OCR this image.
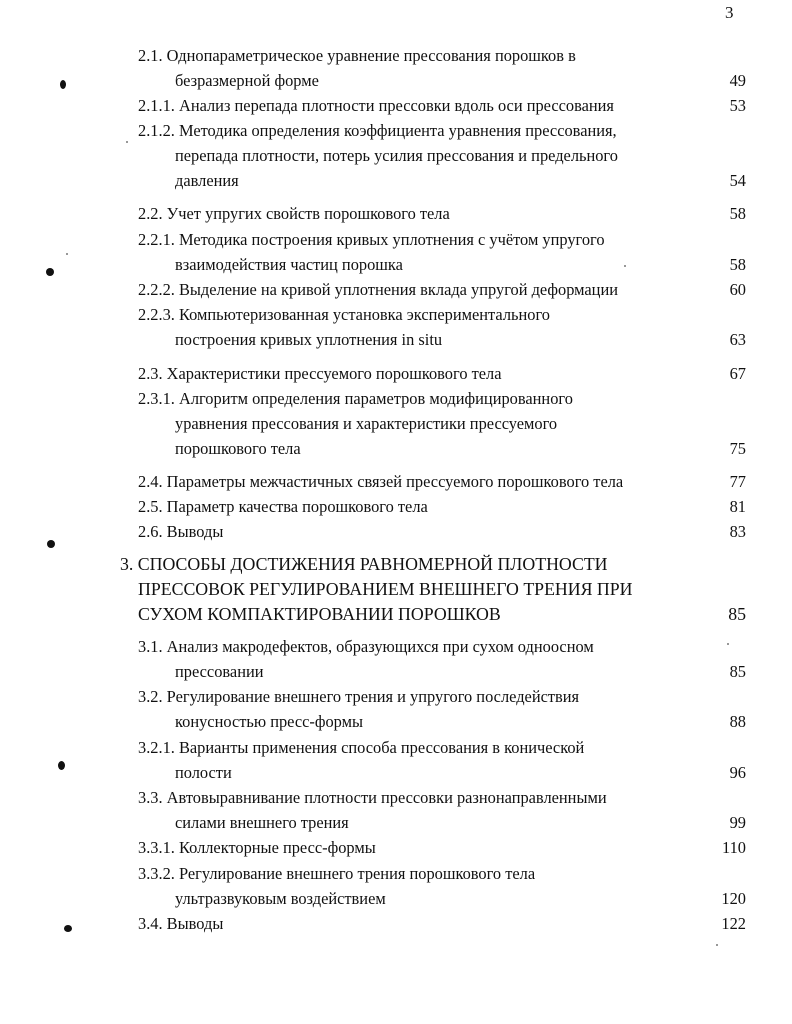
3
2.1. Однопараметрическое уравнение прессования порошков в
безразмерной форме	49
2.1.1. Анализ перепада плотности прессовки вдоль оси прессования	53
2.1.2. Методика определения коэффициента уравнения прессования,
перепада плотности, потерь усилия прессования и предельного
давления	54
2.2. Учет упругих свойств порошкового тела	58
2.2.1. Методика построения кривых уплотнения с учётом упругого
взаимодействия частиц порошка	58
2.2.2. Выделение на кривой уплотнения вклада упругой деформации	60
2.2.3. Компьютеризованная установка экспериментального
построения кривых уплотнения in situ	63
2.3. Характеристики прессуемого порошкового тела	67
2.3.1. Алгоритм определения параметров модифицированного
уравнения прессования и характеристики прессуемого
порошкового тела	75
2.4. Параметры межчастичных связей прессуемого порошкового тела	77
2.5. Параметр качества порошкового тела	81
2.6. Выводы	83
3. СПОСОБЫ ДОСТИЖЕНИЯ РАВНОМЕРНОЙ ПЛОТНОСТИ
ПРЕССОВОК РЕГУЛИРОВАНИЕМ ВНЕШНЕГО ТРЕНИЯ ПРИ
СУХОМ КОМПАКТИРОВАНИИ ПОРОШКОВ	85
3.1. Анализ макродефектов, образующихся при сухом одноосном
прессовании	85
3.2. Регулирование внешнего трения и упругого последействия
конусностью пресс-формы	88
3.2.1. Варианты применения способа прессования в конической
полости	96
3.3. Автовыравнивание плотности прессовки разнонаправленными
силами внешнего трения	99
3.3.1. Коллекторные пресс-формы	110
3.3.2. Регулирование внешнего трения порошкового тела
ультразвуковым воздействием	120
3.4. Выводы	122
